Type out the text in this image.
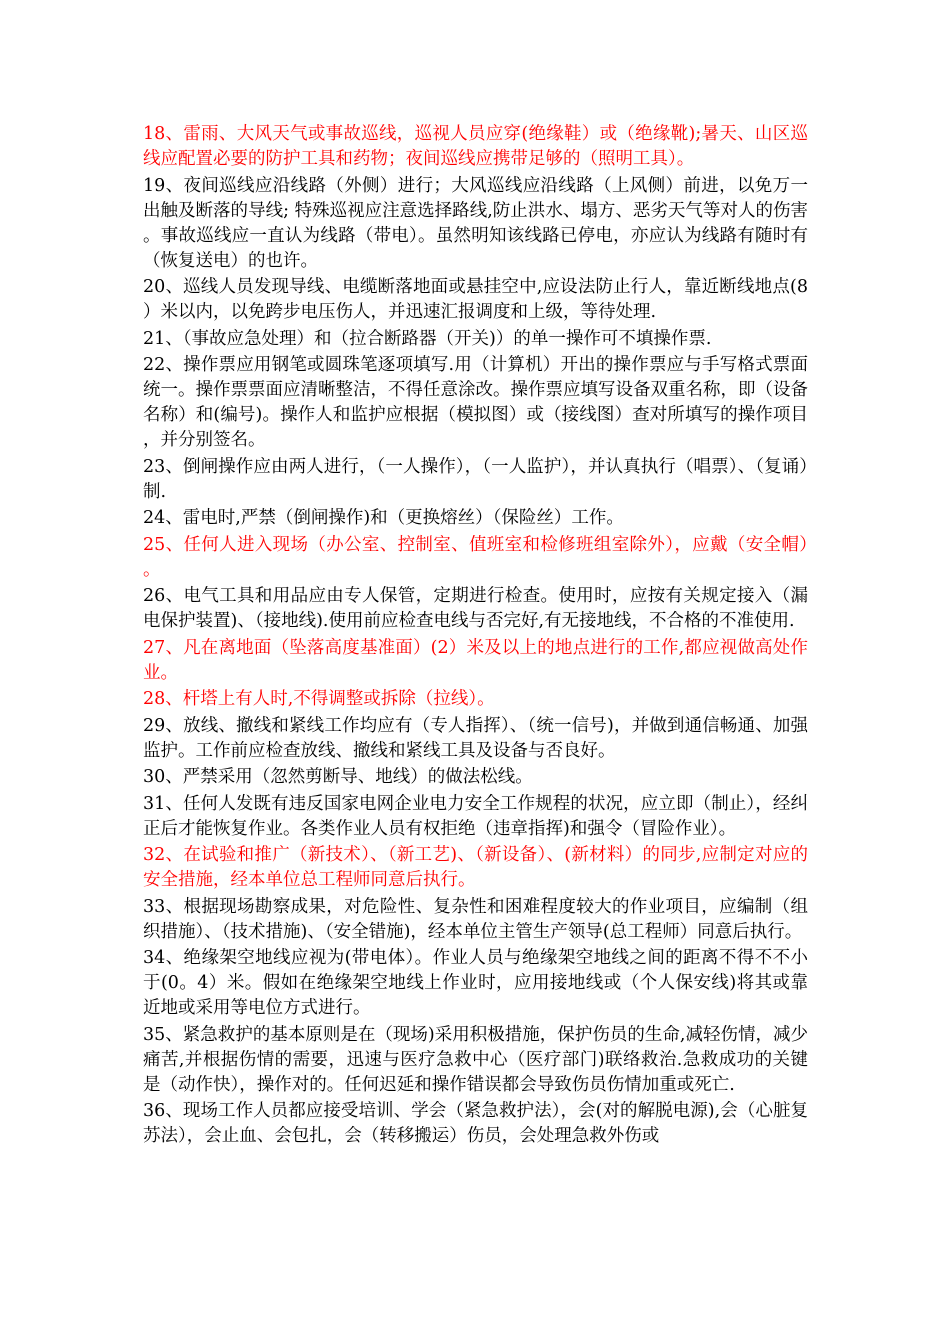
18、雷雨、大风天气或事故巡线，巡视人员应穿(绝缘鞋）或（绝缘靴);暑天、山区巡线应配置必要的防护工具和药物；夜间巡线应携带足够的（照明工具）。

19、夜间巡线应沿线路（外侧）进行；大风巡线应沿线路（上风侧）前进，以免万一出触及断落的导线; 特殊巡视应注意选择路线,防止洪水、塌方、恶劣天气等对人的伤害。事故巡线应一直认为线路（带电）。虽然明知该线路已停电，亦应认为线路有随时有（恢复送电）的也许。

20、巡线人员发现导线、电缆断落地面或悬挂空中,应设法防止行人，靠近断线地点(8）米以内，以免跨步电压伤人，并迅速汇报调度和上级，等待处理.

21、（事故应急处理）和（拉合断路器（开关)）的单一操作可不填操作票.

22、操作票应用钢笔或圆珠笔逐项填写.用（计算机）开出的操作票应与手写格式票面统一。操作票票面应清晰整洁，不得任意涂改。操作票应填写设备双重名称，即（设备名称）和(编号)。操作人和监护应根据（模拟图）或（接线图）查对所填写的操作项目，并分别签名。

23、倒闸操作应由两人进行，（一人操作），（一人监护），并认真执行（唱票）、（复诵）制.

24、雷电时,严禁（倒闸操作)和（更换熔丝）（保险丝）工作。

25、任何人进入现场（办公室、控制室、值班室和检修班组室除外），应戴（安全帽）。

26、电气工具和用品应由专人保管，定期进行检查。使用时，应按有关规定接入（漏电保护装置)、（接地线).使用前应检查电线与否完好,有无接地线，不合格的不准使用.

27、凡在离地面（坠落高度基准面）(2）米及以上的地点进行的工作,都应视做高处作业。

28、杆塔上有人时,不得调整或拆除（拉线）。

29、放线、撤线和紧线工作均应有（专人指挥）、（统一信号)，并做到通信畅通、加强监护。工作前应检查放线、撤线和紧线工具及设备与否良好。

30、严禁采用（忽然剪断导、地线）的做法松线。

31、任何人发既有违反国家电网企业电力安全工作规程的状况，应立即（制止），经纠正后才能恢复作业。各类作业人员有权拒绝（违章指挥)和强令（冒险作业）。

32、在试验和推广（新技术）、（新工艺)、（新设备）、(新材料）的同步,应制定对应的安全措施，经本单位总工程师同意后执行。

33、根据现场勘察成果，对危险性、复杂性和困难程度较大的作业项目，应编制（组织措施）、（技术措施)、（安全错施)，经本单位主管生产领导(总工程师）同意后执行。

34、绝缘架空地线应视为(带电体）。作业人员与绝缘架空地线之间的距离不得不不小于(0。4）米。假如在绝缘架空地线上作业时，应用接地线或（个人保安线)将其或靠近地或采用等电位方式进行。

35、紧急救护的基本原则是在（现场)采用积极措施，保护伤员的生命,减轻伤情，减少痛苦,并根据伤情的需要，迅速与医疗急救中心（医疗部门)联络救治.急救成功的关键是（动作快），操作对的。任何迟延和操作错误都会导致伤员伤情加重或死亡.

36、现场工作人员都应接受培训、学会（紧急救护法），会(对的解脱电源),会（心脏复苏法），会止血、会包扎，会（转移搬运）伤员，会处理急救外伤或
